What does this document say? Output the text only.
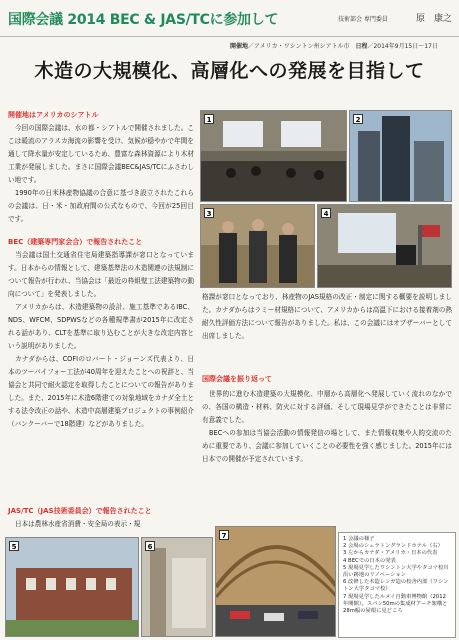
国際会議 2014 BEC & JAS/TCに参加して	技術部会 専門委員	原　康之
開催地／アメリカ・ワシントン州シアトル市　 日程／2014年9月15日～17日
木造の大規模化、高層化への発展を目指して
開催地はアメリカのシアトル

今回の国際会議は、水の都・シアトルで開催されました。ここは暖流のアラスカ海流の影響を受け、気候が穏やかで年間を通して降水量が安定しているため、豊富な森林資源により木材工業が発展しました。まさに国際会議BEC&JAS/TCにふさわしい地です。

1990年の日米林産物協議の合意に基づき設立されたこれらの会議は、日・米・加政府間の公式なもので、今回が25回目です。

BEC（建築専門家会合）で報告されたこと

当会議は国土交通省住宅局建築指導課が窓口となっています。日本からの情報として、建築基準法の木造関連の法規制について報告が行われ、当協会は「最近の枠組壁工法建築物の動向について」を発表しました。

アメリカからは、木造建築物の設計、施工基準であるIBC、NDS、WFCM、SDPWSなどの各種規準書が2015年に改定される話があり、CLTを基準に取り込むことが大きな改定内容という説明がありました。

カナダからは、COFIのロバート・ジョーンズ代表より、日本のツーバイフォー工法が40周年を迎えたことへの祝辞と、当協会と共同で耐火認定を取得したことについての報告がありました。また、2015年に木造6階建ての対象地域をカナダ全土とする法令改正の話や、木造中高層建築プロジェクトの事例紹介（バンクーバーで18階建）などがありました。

JAS/TC（JAS技術委員会）で報告されたこと

日本は農林水産省消費・安全局の表示・規

格課が窓口となっており、林産物のJAS規格の改正・制定に関する概要を説明しました。カナダからはラミー材規格について、アメリカからは高温下における接着剤の熱耐久性評価方法について報告がありました。私は、この会議にはオブザーバーとして出席しました。

国際会議を振り返って

世界的に進む木造建築の大規模化、中層から高層化へ発展していく流れのなかでの、各国の構造・材料、防火に対する評価、そして現場見学ができたことは非常に有意義でした。

BECへの参加は当協会活動の情報発信の場として、また情報収集や人的交流のために重要であり、会議に参加していくことの必要性を強く感じました。2015年には日本での開催が予定されています。

1	2
3	4
5	6
7	1 会議の様子
2 会場のシェラトングランドホテル（右）
3 左からカナダ・アメリカ・日本の代表
4 BECでの日本の発表
5 現場見学したワシントン大学やタコマ校川沿い跡地のリノベーション
6 改修した木造レンガ造の校舎内部（ワシントン大学タコマ校）
7 現場見学したルメイ自動車博物館（2012年開館）。スパン50mの集成材アーチ架構と28m幅の屋根に見どころ
